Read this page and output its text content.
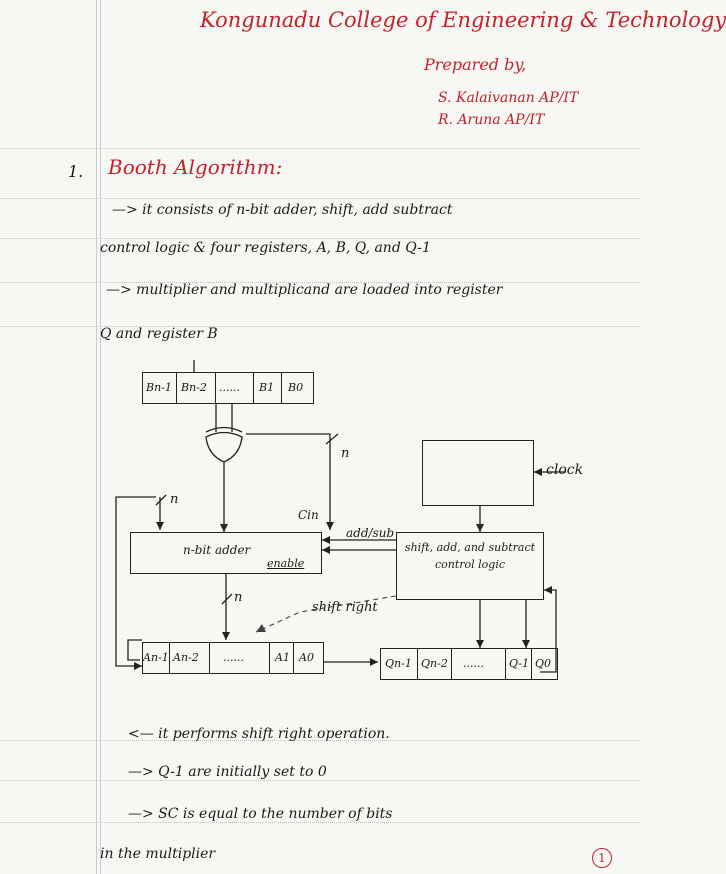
Kongunadu College of Engineering & Technology
Prepared by,
S. Kalaivanan AP/IT
R. Aruna AP/IT
1. Booth Algorithm:
—> it consists of n-bit adder, shift, add subtract
control logic & four registers, A, B, Q, and Q-1
—> multiplier and multiplicand are loaded into register
Q and register B
Bn-1 Bn-2 ...... B1 B0
clock
n-bit adder
enable
shift, add, and subtract control logic
Cin
add/sub
shift right
n
n
n
An-1 An-2 ......	A1 A0	Qn-1 Qn-2 ...... Q-1 Q0
<— it performs shift right operation.
—> Q-1 are initially set to 0
—> SC is equal to the number of bits
in the multiplier	1
